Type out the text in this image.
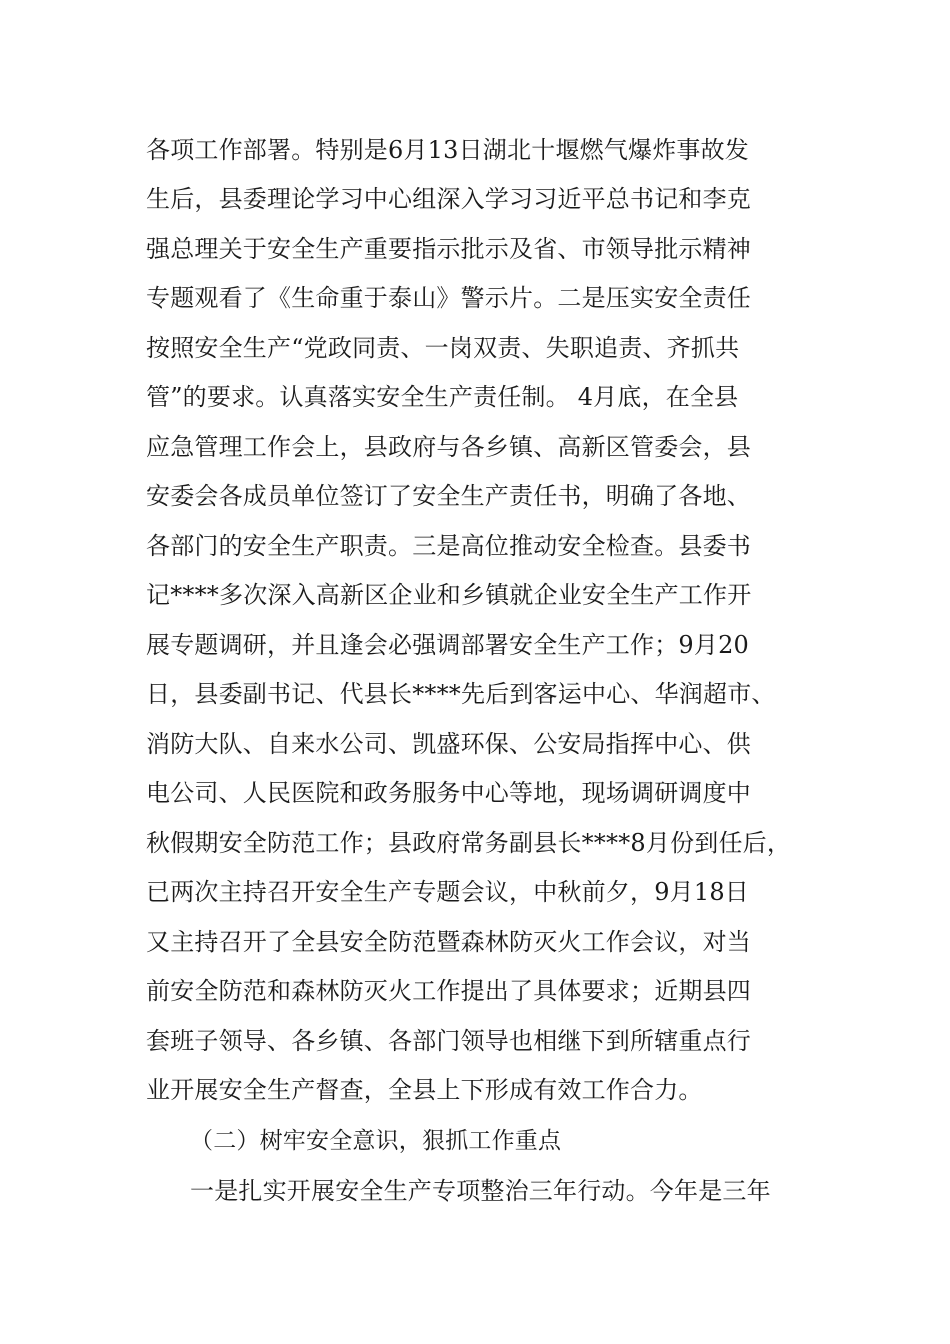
各项工作部署。特别是6月13日湖北十堰燃气爆炸事故发
生后，县委理论学习中心组深入学习习近平总书记和李克
强总理关于安全生产重要指示批示及省、市领导批示精神
专题观看了《生命重于泰山》警示片。二是压实安全责任
按照安全生产“党政同责、一岗双责、失职追责、齐抓共
管”的要求。认真落实安全生产责任制。 4月底，在全县
应急管理工作会上，县政府与各乡镇、高新区管委会，县
安委会各成员单位签订了安全生产责任书，明确了各地、
各部门的安全生产职责。三是高位推动安全检查。县委书
记****多次深入高新区企业和乡镇就企业安全生产工作开
展专题调研，并且逢会必强调部署安全生产工作；9月20
日，县委副书记、代县长****先后到客运中心、华润超市、
消防大队、自来水公司、凯盛环保、公安局指挥中心、供
电公司、人民医院和政务服务中心等地，现场调研调度中
秋假期安全防范工作；县政府常务副县长****8月份到任后，
已两次主持召开安全生产专题会议，中秋前夕，9月18日
又主持召开了全县安全防范暨森林防灭火工作会议，对当
前安全防范和森林防灭火工作提出了具体要求；近期县四
套班子领导、各乡镇、各部门领导也相继下到所辖重点行
业开展安全生产督查，全县上下形成有效工作合力。
（二）树牢安全意识，狠抓工作重点
一是扎实开展安全生产专项整治三年行动。今年是三年
